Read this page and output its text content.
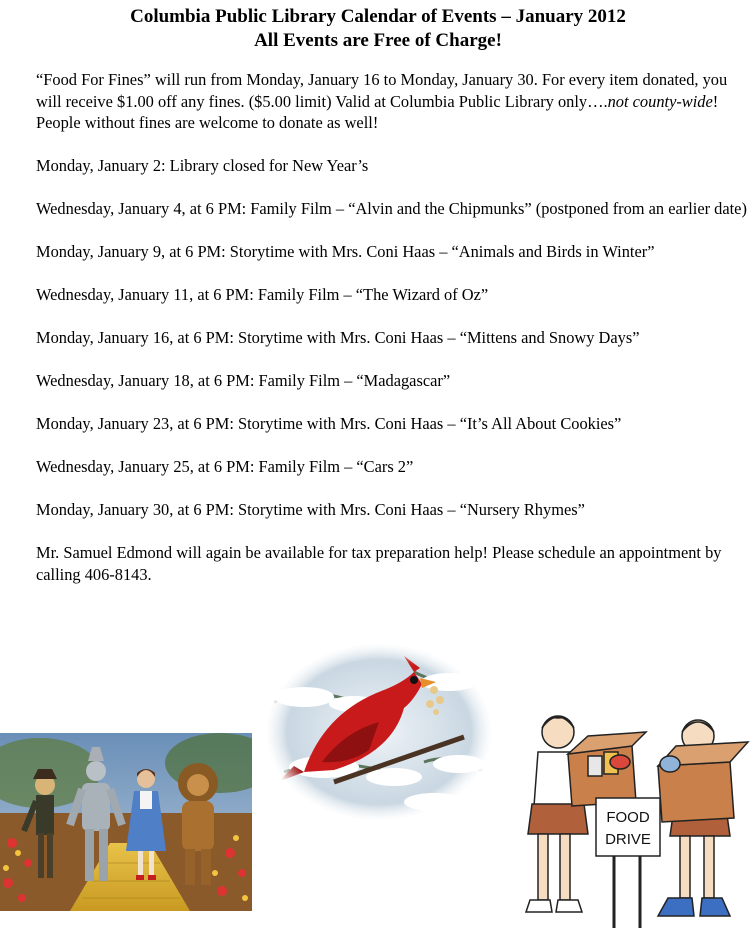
Columbia Public Library Calendar of Events – January 2012
All Events are Free of Charge!

“Food For Fines” will run from Monday, January 16 to Monday, January 30. For every item donated, you will receive $1.00 off any fines. ($5.00 limit) Valid at Columbia Public Library only….not county-wide! People without fines are welcome to donate as well!

Monday, January 2: Library closed for New Year’s

Wednesday, January 4, at 6 PM: Family Film – “Alvin and the Chipmunks” (postponed from an earlier date)

Monday, January 9, at 6 PM: Storytime with Mrs. Coni Haas – “Animals and Birds in Winter”

Wednesday, January 11, at 6 PM: Family Film – “The Wizard of Oz”

Monday, January 16, at 6 PM: Storytime with Mrs. Coni Haas – “Mittens and Snowy Days”

Wednesday, January 18, at 6 PM: Family Film – “Madagascar”

Monday, January 23, at 6 PM: Storytime with Mrs. Coni Haas – “It’s All About Cookies”

Wednesday, January 25, at 6 PM: Family Film – “Cars 2”

Monday, January 30, at 6 PM: Storytime with Mrs. Coni Haas – “Nursery Rhymes”

Mr. Samuel Edmond will again be available for tax preparation help! Please schedule an appointment by calling 406-8143.

FOOD
DRIVE
